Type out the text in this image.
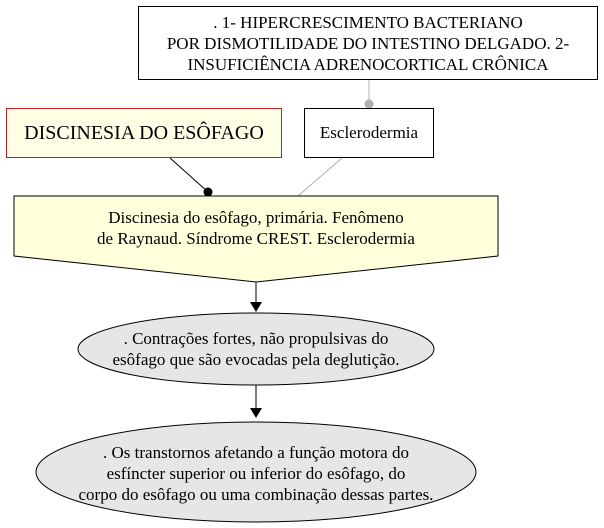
. 1- HIPERCRESCIMENTO BACTERIANO
POR DISMOTILIDADE DO INTESTINO DELGADO. 2-
INSUFICIÊNCIA ADRENOCORTICAL CRÔNICA
DISCINESIA DO ESÔFAGO	Esclerodermia
Discinesia do esôfago, primária. Fenômeno
de Raynaud. Síndrome CREST. Esclerodermia
. Contrações fortes, não propulsivas do
esôfago que são evocadas pela deglutição.
. Os transtornos afetando a função motora do
esfíncter superior ou inferior do esôfago, do
corpo do esôfago ou uma combinação dessas partes.
